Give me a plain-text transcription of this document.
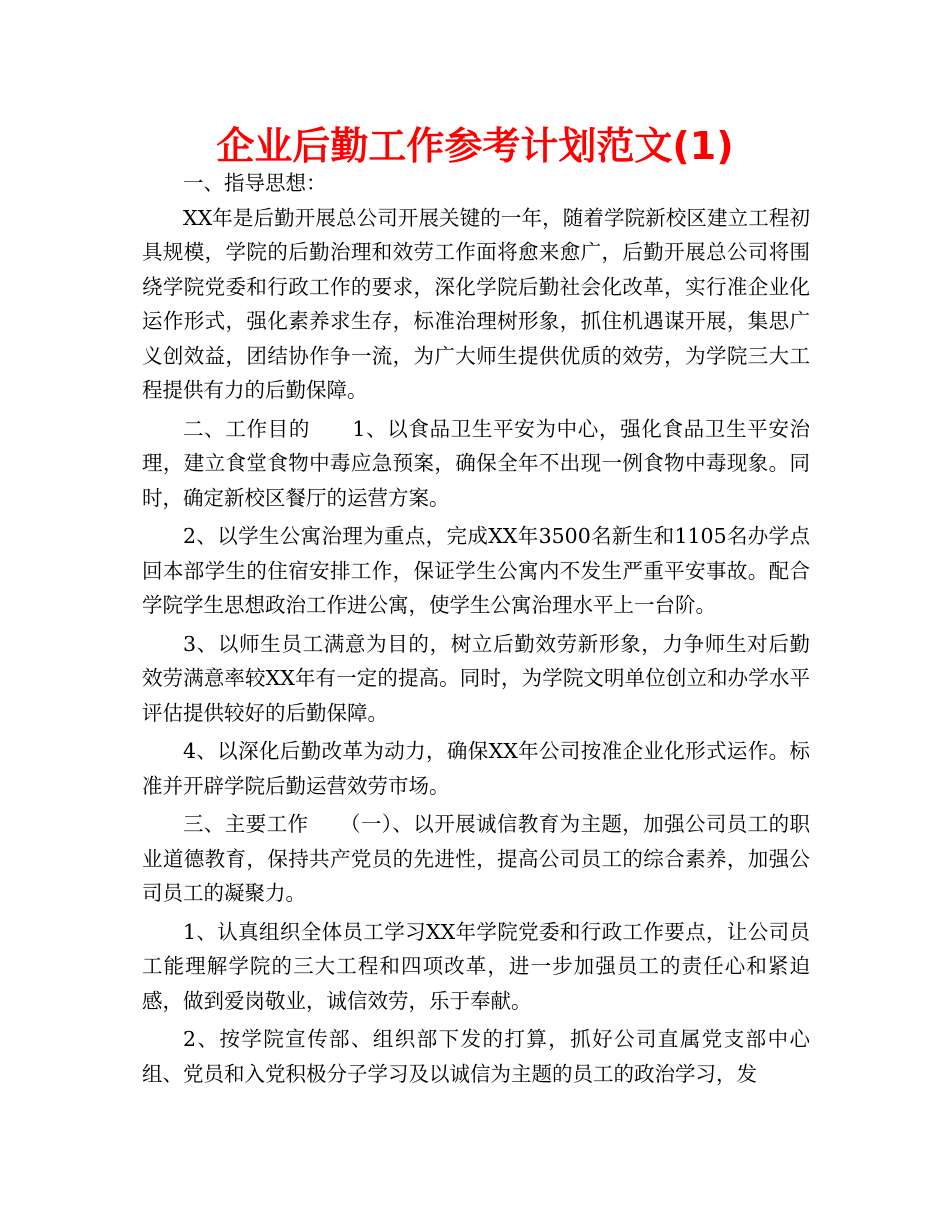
企业后勤工作参考计划范文(1)

一、指导思想：

XX年是后勤开展总公司开展关键的一年，随着学院新校区建立工程初具规模，学院的后勤治理和效劳工作面将愈来愈广，后勤开展总公司将围绕学院党委和行政工作的要求，深化学院后勤社会化改革，实行准企业化运作形式，强化素养求生存，标准治理树形象，抓住机遇谋开展，集思广义创效益，团结协作争一流，为广大师生提供优质的效劳，为学院三大工程提供有力的后勤保障。

二、工作目的　　1、以食品卫生平安为中心，强化食品卫生平安治理，建立食堂食物中毒应急预案，确保全年不出现一例食物中毒现象。同时，确定新校区餐厅的运营方案。

2、以学生公寓治理为重点，完成XX年3500名新生和1105名办学点回本部学生的住宿安排工作，保证学生公寓内不发生严重平安事故。配合学院学生思想政治工作进公寓，使学生公寓治理水平上一台阶。

3、以师生员工满意为目的，树立后勤效劳新形象，力争师生对后勤效劳满意率较XX年有一定的提高。同时，为学院文明单位创立和办学水平评估提供较好的后勤保障。

4、以深化后勤改革为动力，确保XX年公司按准企业化形式运作。标准并开辟学院后勤运营效劳市场。

三、主要工作　　（一）、以开展诚信教育为主题，加强公司员工的职业道德教育，保持共产党员的先进性，提高公司员工的综合素养，加强公司员工的凝聚力。

1、认真组织全体员工学习XX年学院党委和行政工作要点，让公司员工能理解学院的三大工程和四项改革，进一步加强员工的责任心和紧迫感，做到爱岗敬业，诚信效劳，乐于奉献。

2、按学院宣传部、组织部下发的打算，抓好公司直属党支部中心组、党员和入党积极分子学习及以诚信为主题的员工的政治学习，发
